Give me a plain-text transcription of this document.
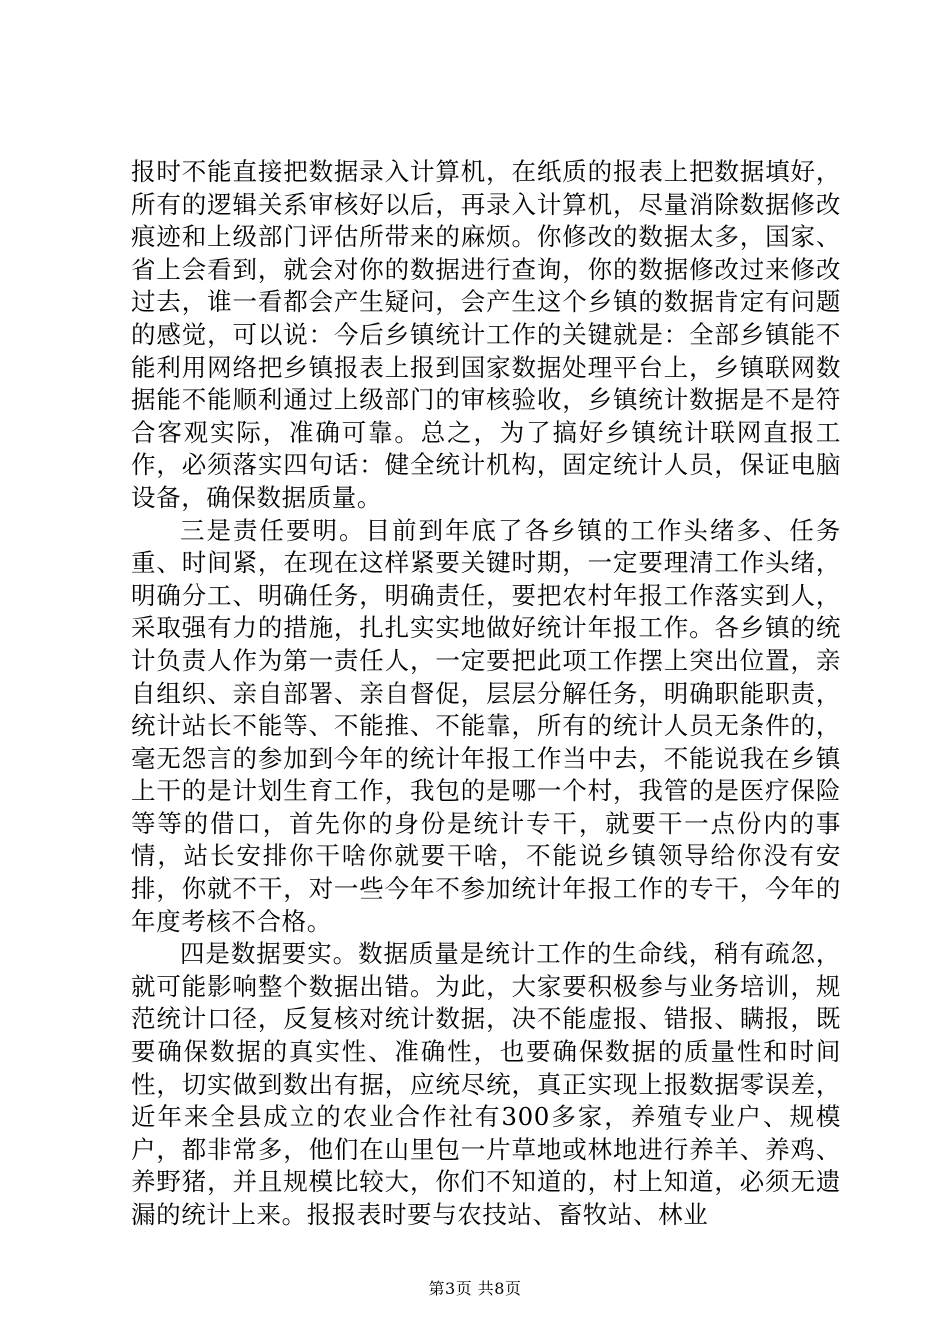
报时不能直接把数据录入计算机，在纸质的报表上把数据填好，所有的逻辑关系审核好以后，再录入计算机，尽量消除数据修改痕迹和上级部门评估所带来的麻烦。你修改的数据太多，国家、省上会看到，就会对你的数据进行查询，你的数据修改过来修改过去，谁一看都会产生疑问，会产生这个乡镇的数据肯定有问题的感觉，可以说：今后乡镇统计工作的关键就是：全部乡镇能不能利用网络把乡镇报表上报到国家数据处理平台上，乡镇联网数据能不能顺利通过上级部门的审核验收，乡镇统计数据是不是符合客观实际，准确可靠。总之，为了搞好乡镇统计联网直报工作，必须落实四句话：健全统计机构，固定统计人员，保证电脑设备，确保数据质量。

三是责任要明。目前到年底了各乡镇的工作头绪多、任务重、时间紧，在现在这样紧要关键时期，一定要理清工作头绪，明确分工、明确任务，明确责任，要把农村年报工作落实到人，采取强有力的措施，扎扎实实地做好统计年报工作。各乡镇的统计负责人作为第一责任人，一定要把此项工作摆上突出位置，亲自组织、亲自部署、亲自督促，层层分解任务，明确职能职责，统计站长不能等、不能推、不能靠，所有的统计人员无条件的，毫无怨言的参加到今年的统计年报工作当中去，不能说我在乡镇上干的是计划生育工作，我包的是哪一个村，我管的是医疗保险等等的借口，首先你的身份是统计专干，就要干一点份内的事情，站长安排你干啥你就要干啥，不能说乡镇领导给你没有安排，你就不干，对一些今年不参加统计年报工作的专干，今年的年度考核不合格。

四是数据要实。数据质量是统计工作的生命线，稍有疏忽，就可能影响整个数据出错。为此，大家要积极参与业务培训，规范统计口径，反复核对统计数据，决不能虚报、错报、瞒报，既要确保数据的真实性、准确性，也要确保数据的质量性和时间性，切实做到数出有据，应统尽统，真正实现上报数据零误差，近年来全县成立的农业合作社有300多家，养殖专业户、规模户，都非常多，他们在山里包一片草地或林地进行养羊、养鸡、养野猪，并且规模比较大，你们不知道的，村上知道，必须无遗漏的统计上来。报报表时要与农技站、畜牧站、林业

第3页 共8页
